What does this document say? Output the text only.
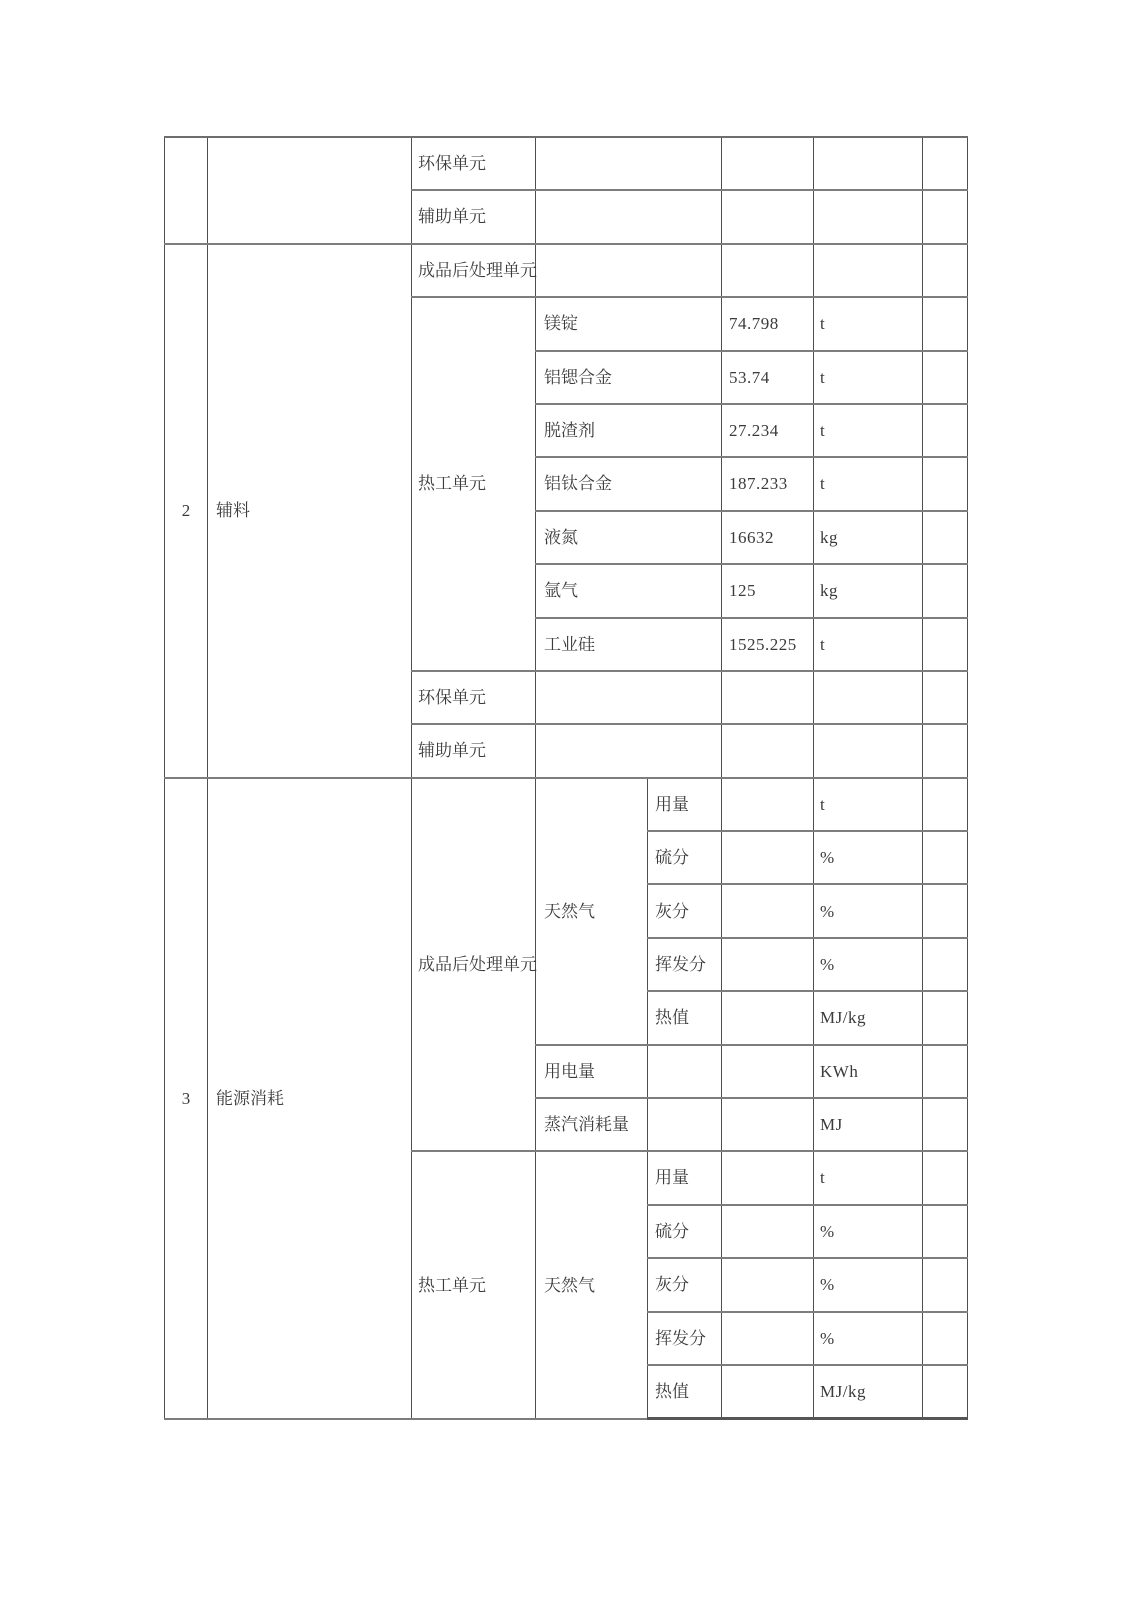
		环保单元					
		辅助单元					
2	辅料	成品后处理单元					
		热工单元	镁锭		74.798	t	
			铝锶合金		53.74	t	
			脱渣剂		27.234	t	
			铝钛合金		187.233	t	
			液氮		16632	kg	
			氩气		125	kg	
			工业硅		1525.225	t	
		环保单元					
		辅助单元					
3	能源消耗	成品后处理单元	天然气	用量		t	
				硫分		%	
				灰分		%	
				挥发分		%	
				热值		MJ/kg	
			用电量			KWh	
			蒸汽消耗量			MJ	
		热工单元	天然气	用量		t	
				硫分		%	
				灰分		%	
				挥发分		%	
				热值		MJ/kg	
